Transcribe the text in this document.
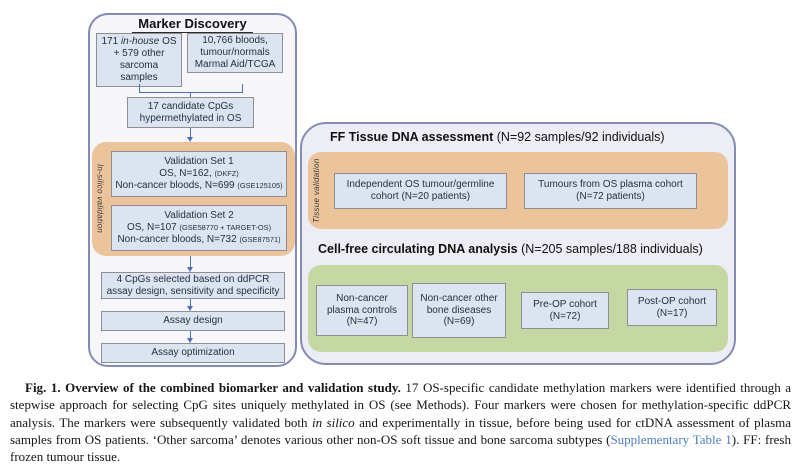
Marker Discovery
171 in-house OS + 579 other sarcoma samples
10,766 bloods, tumour/normals Marmal Aid/TCGA
17 candidate CpGs hypermethylated in OS
In-silico validation
Validation Set 1
OS, N=162, (DKFZ)
Non-cancer bloods, N=699 (GSE125105)
Validation Set 2
OS, N=107 (GSE58770 + TARGET-OS)
Non-cancer bloods, N=732 (GSE87571)
4 CpGs selected based on ddPCR assay design, sensitivity and specificity
Assay design
Assay optimization
FF Tissue DNA assessment (N=92 samples/92 individuals)
Tissue validation	Independent OS tumour/germline cohort (N=20 patients)
Tumours from OS plasma cohort (N=72 patients)
Cell-free circulating DNA analysis (N=205 samples/188 individuals)
Non-cancer plasma controls (N=47)
Non-cancer other bone diseases (N=69)
Pre-OP cohort (N=72)
Post-OP cohort (N=17)
Fig. 1. Overview of the combined biomarker and validation study. 17 OS-specific candidate methylation markers were identified through a stepwise approach for selecting CpG sites uniquely methylated in OS (see Methods). Four markers were chosen for methylation-specific ddPCR analysis. The markers were subsequently validated both in silico and experimentally in tissue, before being used for ctDNA assessment of plasma samples from OS patients. ‘Other sarcoma’ denotes various other non-OS soft tissue and bone sarcoma subtypes (Supplementary Table 1). FF: fresh frozen tumour tissue.
